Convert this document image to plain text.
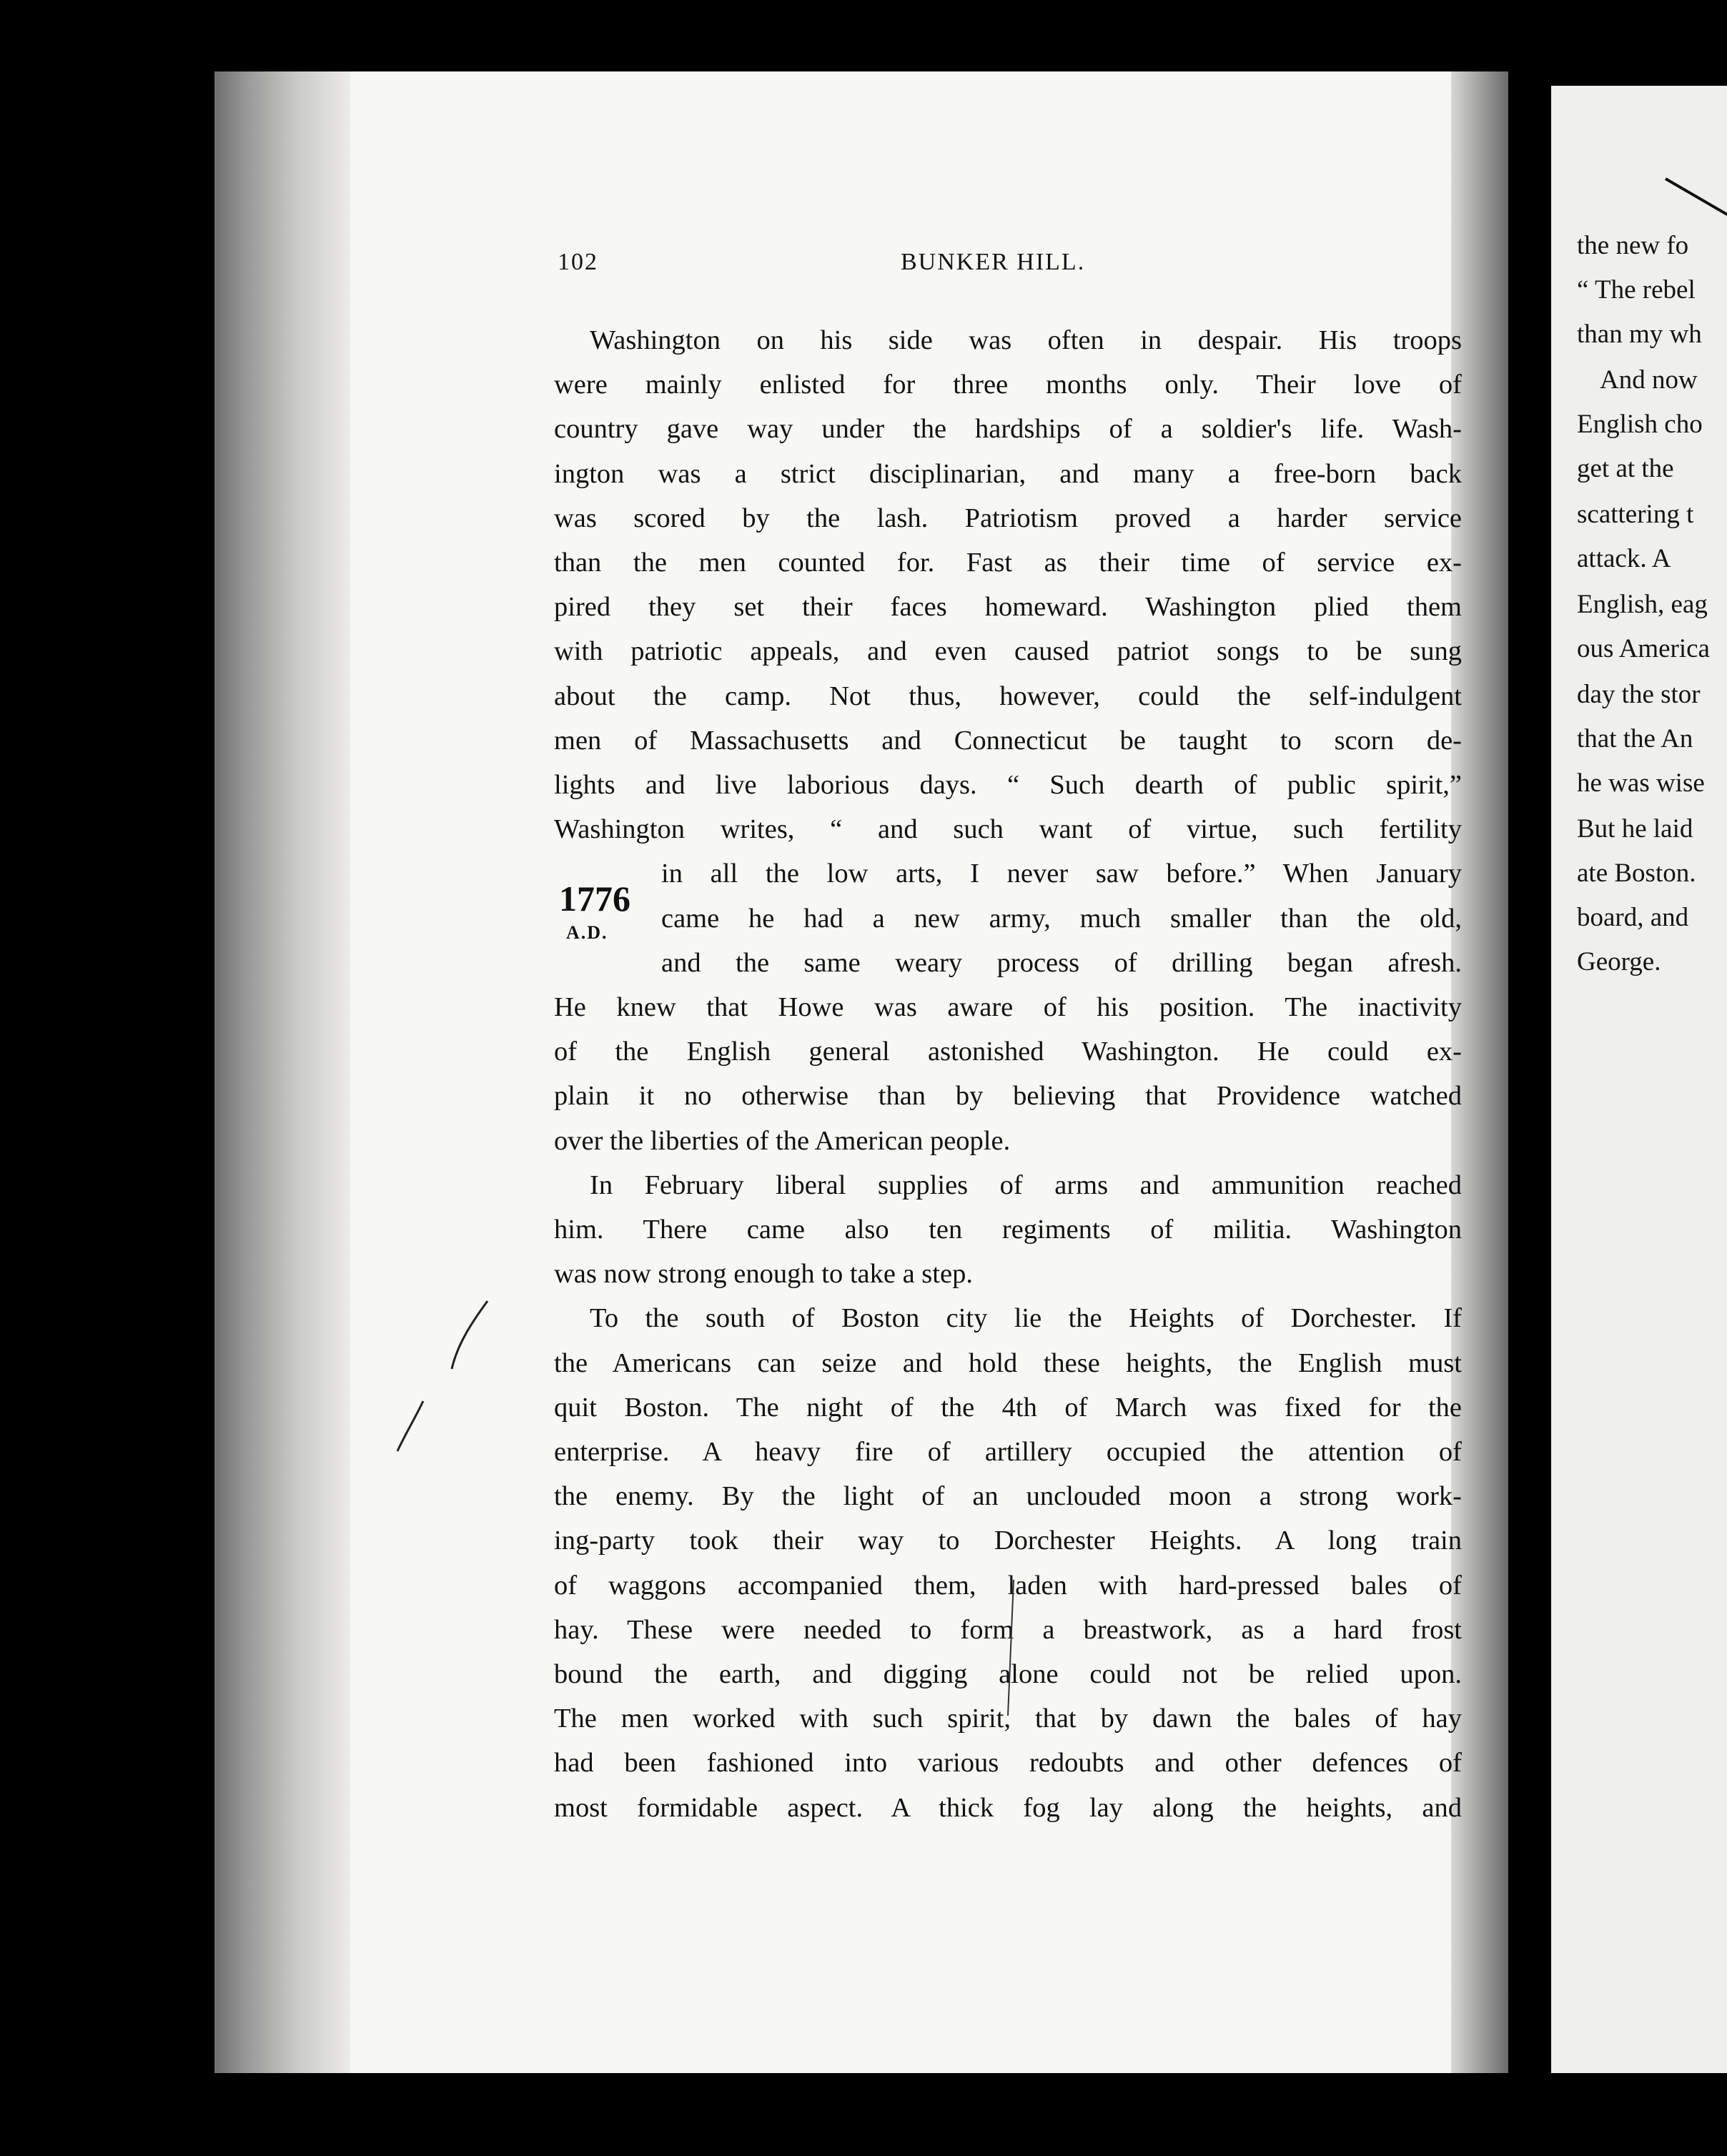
the new fo
“ The rebel
than my wh
And now
English cho
get at the
scattering t
attack. A
English, eag
ous America
day the stor
that the An
he was wise
But he laid
ate Boston.
board, and
George.
102	BUNKER HILL.
1776
A.D.
Washington on his side was often in despair. His troops
were mainly enlisted for three months only. Their love of
country gave way under the hardships of a soldier's life. Wash-
ington was a strict disciplinarian, and many a free-born back
was scored by the lash. Patriotism proved a harder service
than the men counted for. Fast as their time of service ex-
pired they set their faces homeward. Washington plied them
with patriotic appeals, and even caused patriot songs to be sung
about the camp. Not thus, however, could the self-indulgent
men of Massachusetts and Connecticut be taught to scorn de-
lights and live laborious days. “ Such dearth of public spirit,”
Washington writes, “ and such want of virtue, such fertility
in all the low arts, I never saw before.” When January
came he had a new army, much smaller than the old,
and the same weary process of drilling began afresh.
He knew that Howe was aware of his position. The inactivity
of the English general astonished Washington. He could ex-
plain it no otherwise than by believing that Providence watched
over the liberties of the American people.
In February liberal supplies of arms and ammunition reached
him. There came also ten regiments of militia. Washington
was now strong enough to take a step.
To the south of Boston city lie the Heights of Dorchester. If
the Americans can seize and hold these heights, the English must
quit Boston. The night of the 4th of March was fixed for the
enterprise. A heavy fire of artillery occupied the attention of
the enemy. By the light of an unclouded moon a strong work-
ing-party took their way to Dorchester Heights. A long train
of waggons accompanied them, laden with hard-pressed bales of
hay. These were needed to form a breastwork, as a hard frost
bound the earth, and digging alone could not be relied upon.
The men worked with such spirit, that by dawn the bales of hay
had been fashioned into various redoubts and other defences of
most formidable aspect. A thick fog lay along the heights, and
